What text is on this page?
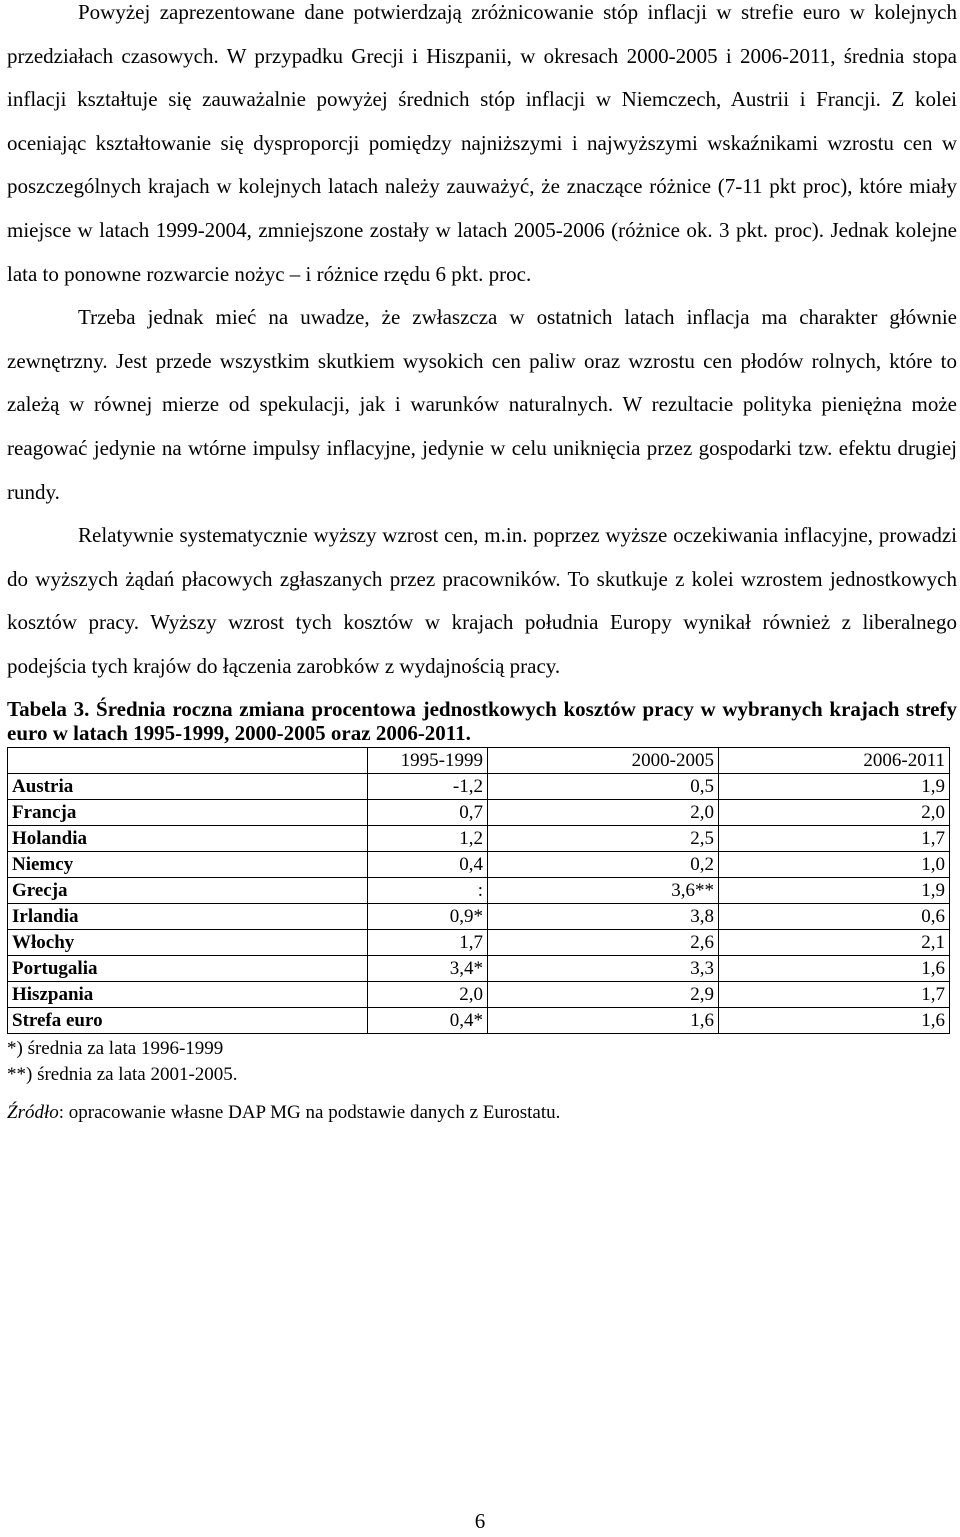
Powyżej zaprezentowane dane potwierdzają zróżnicowanie stóp inflacji w strefie euro w kolejnych przedziałach czasowych. W przypadku Grecji i Hiszpanii, w okresach 2000-2005 i 2006-2011, średnia stopa inflacji kształtuje się zauważalnie powyżej średnich stóp inflacji w Niemczech, Austrii i Francji. Z kolei oceniając kształtowanie się dysproporcji pomiędzy najniższymi i najwyższymi wskaźnikami wzrostu cen w poszczególnych krajach w kolejnych latach należy zauważyć, że znaczące różnice (7-11 pkt proc), które miały miejsce w latach 1999-2004, zmniejszone zostały w latach 2005-2006 (różnice ok. 3 pkt. proc). Jednak kolejne lata to ponowne rozwarcie nożyc – i różnice rzędu 6 pkt. proc.

Trzeba jednak mieć na uwadze, że zwłaszcza w ostatnich latach inflacja ma charakter głównie zewnętrzny. Jest przede wszystkim skutkiem wysokich cen paliw oraz wzrostu cen płodów rolnych, które to zależą w równej mierze od spekulacji, jak i warunków naturalnych. W rezultacie polityka pieniężna może reagować jedynie na wtórne impulsy inflacyjne, jedynie w celu uniknięcia przez gospodarki tzw. efektu drugiej rundy.

Relatywnie systematycznie wyższy wzrost cen, m.in. poprzez wyższe oczekiwania inflacyjne, prowadzi do wyższych żądań płacowych zgłaszanych przez pracowników. To skutkuje z kolei wzrostem jednostkowych kosztów pracy. Wyższy wzrost tych kosztów w krajach południa Europy wynikał również z liberalnego podejścia tych krajów do łączenia zarobków z wydajnością pracy.

Tabela 3. Średnia roczna zmiana procentowa jednostkowych kosztów pracy w wybranych krajach strefy euro w latach 1995-1999, 2000-2005 oraz 2006-2011.

	1995-1999	2000-2005	2006-2011
Austria	-1,2	0,5	1,9
Francja	0,7	2,0	2,0
Holandia	1,2	2,5	1,7
Niemcy	0,4	0,2	1,0
Grecja	:	3,6**	1,9
Irlandia	0,9*	3,8	0,6
Włochy	1,7	2,6	2,1
Portugalia	3,4*	3,3	1,6
Hiszpania	2,0	2,9	1,7
Strefa euro	0,4*	1,6	1,6
*) średnia za lata 1996-1999
**) średnia za lata 2001-2005.
Źródło: opracowanie własne DAP MG na podstawie danych z Eurostatu.
6
